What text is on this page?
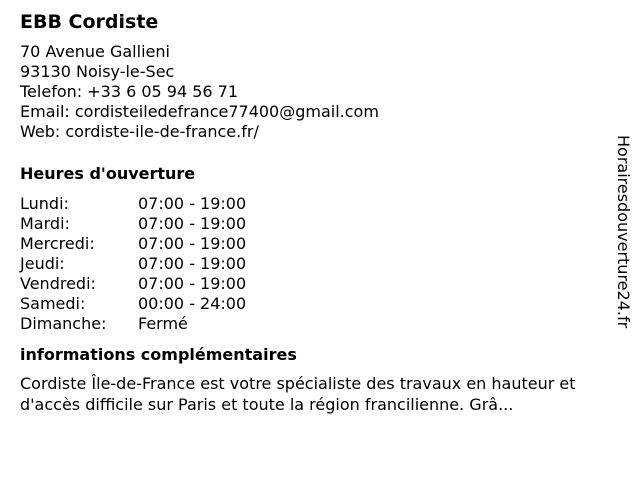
EBB Cordiste
70 Avenue Gallieni
93130 Noisy-le-Sec
Telefon: +33 6 05 94 56 71
Email: cordisteiledefrance77400@gmail.com
Web: cordiste-ile-de-france.fr/
Heures d'ouverture
Lundi:	07:00 - 19:00
Mardi:	07:00 - 19:00
Mercredi:	07:00 - 19:00
Jeudi:	07:00 - 19:00
Vendredi:	07:00 - 19:00
Samedi:	00:00 - 24:00
Dimanche:	Fermé
informations complémentaires
Cordiste Île-de-France est votre spécialiste des travaux en hauteur et d'accès difficile sur Paris et toute la région francilienne. Grâ...
Horairesdouverture24.fr
